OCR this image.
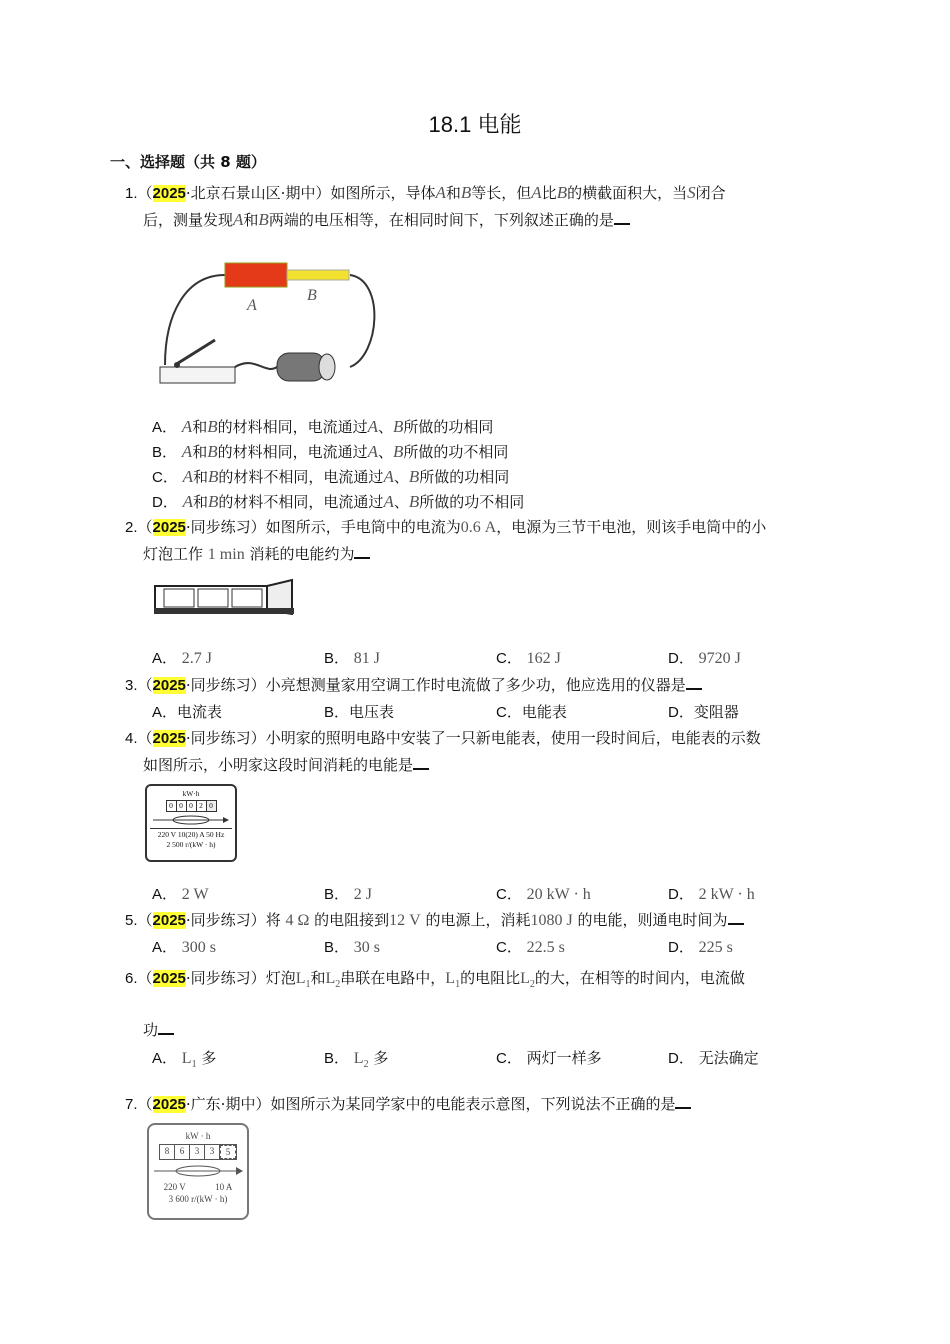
18.1 电能
一、选择题（共 8 题）
1.（2025·北京石景山区·期中）如图所示，导体A和B等长，但A比B的横截面积大，当S闭合
后，测量发现A和B两端的电压相等，在相同时间下，下列叙述正确的是
A
B
A． A和B的材料相同，电流通过A、B所做的功相同
B． A和B的材料相同，电流通过A、B所做的功不相同
C． A和B的材料不相同，电流通过A、B所做的功相同
D． A和B的材料不相同，电流通过A、B所做的功不相同
2.（2025·同步练习）如图所示，手电筒中的电流为0.6 A，电源为三节干电池，则该手电筒中的小
灯泡工作 1 min 消耗的电能约为
A． 2.7 J	B． 81 J	C． 162 J	D． 9720 J
3.（2025·同步练习）小亮想测量家用空调工作时电流做了多少功，他应选用的仪器是
A．电流表	B．电压表	C．电能表	D．变阻器
4.（2025·同步练习）小明家的照明电路中安装了一只新电能表，使用一段时间后，电能表的示数
如图所示，小明家这段时间消耗的电能是
kW·h
0 0 0 2 0
220 V 10(20) A 50 Hz
2 500 r/(kW · h)
A． 2 W	B． 2 J	C． 20 kW · h	D． 2 kW · h
5.（2025·同步练习）将 4 Ω 的电阻接到12 V 的电源上，消耗1080 J 的电能，则通电时间为
A． 300 s	B． 30 s	C． 22.5 s	D． 225 s
6.（2025·同步练习）灯泡$L_1$和$L_2$串联在电路中，$L_1$的电阻比$L_2$的大，在相等的时间内，电流做
功
A． $L_1$ 多	B． $L_2$ 多	C． 两灯一样多	D． 无法确定
7.（2025·广东·期中）如图所示为某同学家中的电能表示意图，下列说法不正确的是
kW · h
8	6	3	3	5
220 V	10 A
3 600 r/(kW · h)
